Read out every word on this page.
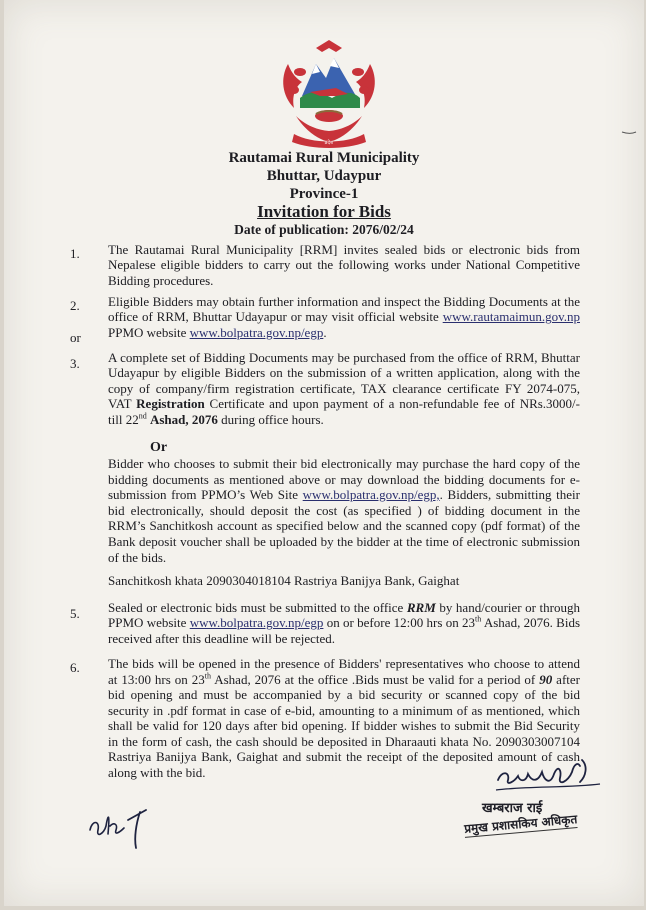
प्रदेश
Rautamai Rural Municipality
Bhuttar, Udaypur
Province-1
Invitation for Bids
Date of publication: 2076/02/24
1. The Rautamai Rural Municipality [RRM] invites sealed bids or electronic bids from Nepalese eligible bidders to carry out the following works under National Competitive Bidding procedures.
2.
or
Eligible Bidders may obtain further information and inspect the Bidding Documents at the office of RRM, Bhuttar Udayapur or may visit official website www.rautamaimun.gov.np PPMO website www.bolpatra.gov.np/egp.
3. A complete set of Bidding Documents may be purchased from the office of RRM, Bhuttar Udayapur by eligible Bidders on the submission of a written application, along with the copy of company/firm registration certificate, TAX clearance certificate FY 2074-075, VAT Registration Certificate and upon payment of a non-refundable fee of NRs.3000/- till 22nd Ashad, 2076 during office hours.
Or
Bidder who chooses to submit their bid electronically may purchase the hard copy of the bidding documents as mentioned above or may download the bidding documents for e-submission from PPMO’s Web Site www.bolpatra.gov.np/egp,. Bidders, submitting their bid electronically, should deposit the cost (as specified ) of bidding document in the RRM’s Sanchitkosh account as specified below and the scanned copy (pdf format) of the Bank deposit voucher shall be uploaded by the bidder at the time of electronic submission of the bids.
Sanchitkosh khata 2090304018104 Rastriya Banijya Bank, Gaighat
5. Sealed or electronic bids must be submitted to the office RRM by hand/courier or through PPMO website www.bolpatra.gov.np/egp on or before 12:00 hrs on 23th Ashad, 2076. Bids received after this deadline will be rejected.
6. The bids will be opened in the presence of Bidders' representatives who choose to attend at 13:00 hrs on 23th Ashad, 2076 at the office .Bids must be valid for a period of 90 after bid opening and must be accompanied by a bid security or scanned copy of the bid security in .pdf format in case of e-bid, amounting to a minimum of as mentioned, which shall be valid for 120 days after bid opening. If bidder wishes to submit the Bid Security in the form of cash, the cash should be deposited in Dharaauti khata No. 2090303007104 Rastriya Banijya Bank, Gaighat and submit the receipt of the deposited amount of cash along with the bid.
खम्बराज राई
प्रमुख प्रशासकिय अधिकृत
